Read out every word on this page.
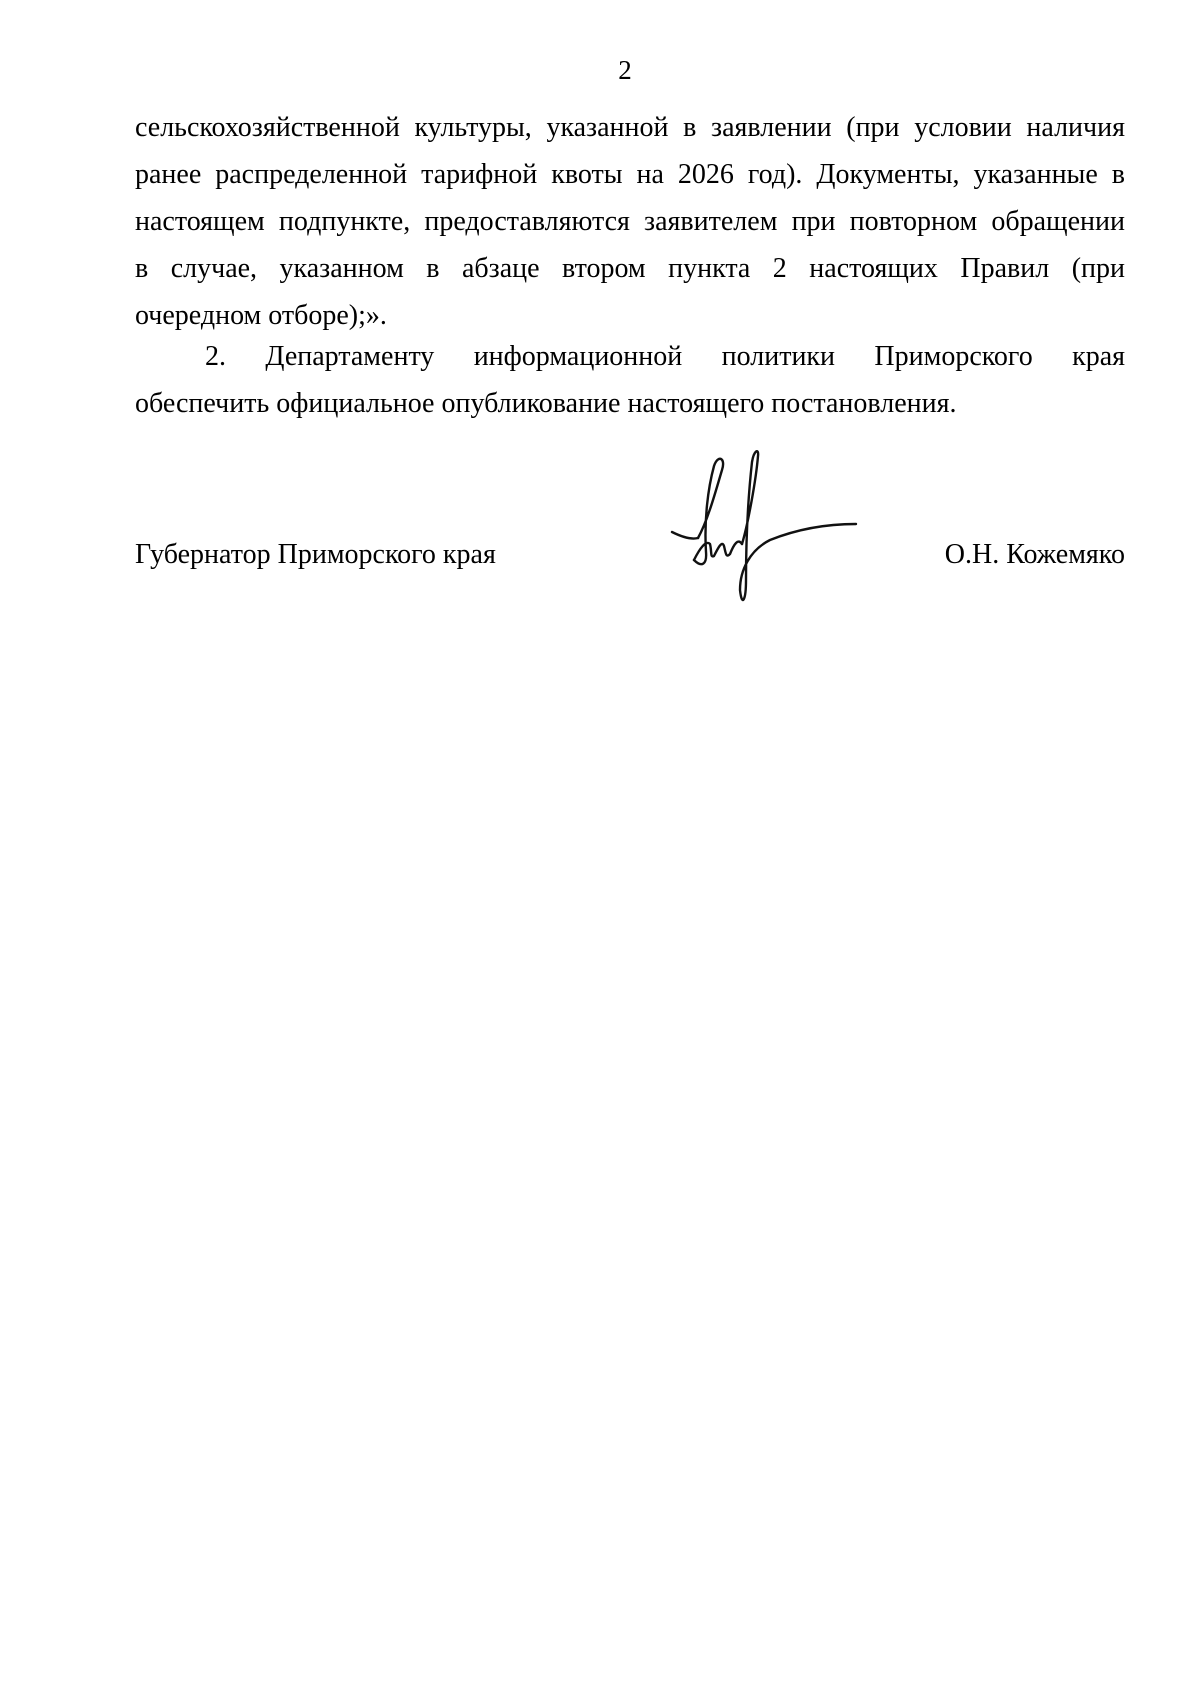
2
сельскохозяйственной культуры, указанной в заявлении (при условии наличия
ранее распределенной тарифной квоты на 2026 год). Документы, указанные в
настоящем подпункте, предоставляются заявителем при повторном обращении
в случае, указанном в абзаце втором пункта 2 настоящих Правил (при
очередном отборе);».
2. Департаменту информационной политики Приморского края
обеспечить официальное опубликование настоящего постановления.
Губернатор Приморского края	О.Н. Кожемяко
